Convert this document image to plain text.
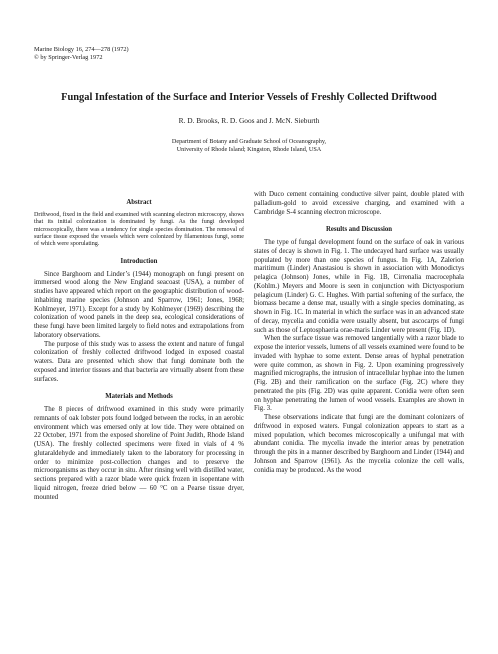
Marine Biology 16, 274—278 (1972)
© by Springer-Verlag 1972
Fungal Infestation of the Surface and Interior Vessels of Freshly Collected Driftwood
R. D. Brooks, R. D. Goos and J. McN. Sieburth
Department of Botany and Graduate School of Oceanography,
University of Rhode Island; Kingston, Rhode Island, USA
Abstract

Driftwood, fixed in the field and examined with scanning electron microscopy, shows that its initial colonization is dominated by fungi. As the fungi developed microscopically, there was a tendency for single species domination. The removal of surface tissue exposed the vessels which were colonized by filamentous fungi, some of which were sporulating.

Introduction

Since Barghoorn and Linder’s (1944) monograph on fungi present on immersed wood along the New England seacoast (USA), a number of studies have appeared which report on the geographic distribution of wood-inhabiting marine species (Johnson and Sparrow, 1961; Jones, 1968; Kohlmeyer, 1971). Except for a study by Kohlmeyer (1969) describing the colonization of wood panels in the deep sea, ecological considerations of these fungi have been limited largely to field notes and extrapolations from laboratory observations.

The purpose of this study was to assess the extent and nature of fungal colonization of freshly collected driftwood lodged in exposed coastal waters. Data are presented which show that fungi dominate both the exposed and interior tissues and that bacteria are virtually absent from these surfaces.

Materials and Methods

The 8 pieces of driftwood examined in this study were primarily remnants of oak lobster pots found lodged between the rocks, in an aerobic environment which was emersed only at low tide. They were obtained on 22 October, 1971 from the exposed shoreline of Point Judith, Rhode Island (USA). The freshly collected specimens were fixed in vials of 4 % glutaraldehyde and immediately taken to the laboratory for processing in order to minimize post-collection changes and to preserve the microorganisms as they occur in situ. After rinsing well with distilled water, sections prepared with a razor blade were quick frozen in isopentane with liquid nitrogen, freeze dried below — 60 °C on a Pearse tissue dryer, mounted

with Duco cement containing conductive silver paint, double plated with palladium-gold to avoid excessive charging, and examined with a Cambridge S-4 scanning electron microscope.

Results and Discussion

The type of fungal development found on the surface of oak in various states of decay is shown in Fig. 1. The undecayed hard surface was usually populated by more than one species of fungus. In Fig. 1A, Zalerion maritimum (Linder) Anastasiou is shown in association with Monodictys pelagica (Johnson) Jones, while in Fig. 1B, Cirrenalia macrocephala (Kohlm.) Meyers and Moore is seen in conjunction with Dictyosporium pelagicum (Linder) G. C. Hughes. With partial softening of the surface, the biomass became a dense mat, usually with a single species dominating, as shown in Fig. 1C. In material in which the surface was in an advanced state of decay, mycelia and conidia were usually absent, but ascocarps of fungi such as those of Leptosphaeria orae-maris Linder were present (Fig. 1D).

When the surface tissue was removed tangentially with a razor blade to expose the interior vessels, lumens of all vessels examined were found to be invaded with hyphae to some extent. Dense areas of hyphal penetration were quite common, as shown in Fig. 2. Upon examining progressively magnified micrographs, the intrusion of intracellular hyphae into the lumen (Fig. 2B) and their ramification on the surface (Fig. 2C) where they penetrated the pits (Fig. 2D) was quite apparent. Conidia were often seen on hyphae penetrating the lumen of wood vessels. Examples are shown in Fig. 3.

These observations indicate that fungi are the dominant colonizers of driftwood in exposed waters. Fungal colonization appears to start as a mixed population, which becomes microscopically a unifungal mat with abundant conidia. The mycelia invade the interior areas by penetration through the pits in a manner described by Barghoorn and Linder (1944) and Johnson and Sparrow (1961). As the mycelia colonize the cell walls, conidia may be produced. As the wood
